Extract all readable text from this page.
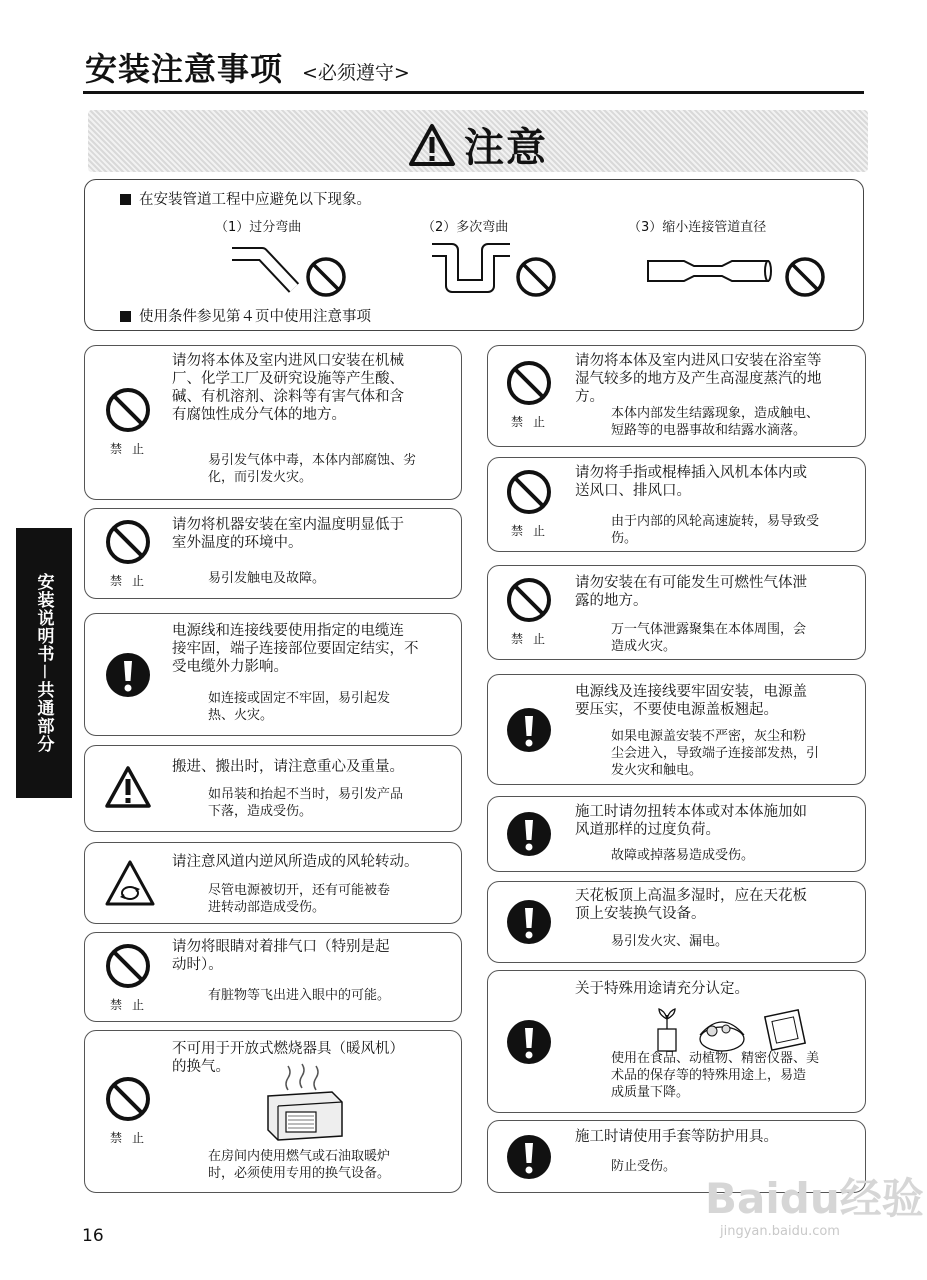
安装注意事项 <必须遵守>
注意
在安装管道工程中应避免以下现象。
（1）过分弯曲	（2）多次弯曲	（3）缩小连接管道直径
使用条件参见第４页中使用注意事项
安装说明书－共通部分
禁止
请勿将本体及室内进风口安装在机械
厂、化学工厂及研究设施等产生酸、
碱、有机溶剂、涂料等有害气体和含
有腐蚀性成分气体的地方。
易引发气体中毒，本体内部腐蚀、劣
化，而引发火灾。
禁止
请勿将机器安装在室内温度明显低于
室外温度的环境中。
易引发触电及故障。
电源线和连接线要使用指定的电缆连
接牢固，端子连接部位要固定结实，不
受电缆外力影响。
如连接或固定不牢固，易引起发
热、火灾。
搬进、搬出时，请注意重心及重量。
如吊装和抬起不当时，易引发产品
下落，造成受伤。
请注意风道内逆风所造成的风轮转动。
尽管电源被切开，还有可能被卷
进转动部造成受伤。
禁止
请勿将眼睛对着排气口（特别是起
动时）。
有脏物等飞出进入眼中的可能。
禁止
不可用于开放式燃烧器具（暖风机）
的换气。
在房间内使用燃气或石油取暖炉
时，必须使用专用的换气设备。
禁止
请勿将本体及室内进风口安装在浴室等
湿气较多的地方及产生高湿度蒸汽的地
方。
本体内部发生结露现象，造成触电、
短路等的电器事故和结露水滴落。
禁止
请勿将手指或棍棒插入风机本体内或
送风口、排风口。
由于内部的风轮高速旋转，易导致受
伤。
禁止
请勿安装在有可能发生可燃性气体泄
露的地方。
万一气体泄露聚集在本体周围，会
造成火灾。
电源线及连接线要牢固安装，电源盖
要压实，不要使电源盖板翘起。
如果电源盖安装不严密，灰尘和粉
尘会进入，导致端子连接部发热，引
发火灾和触电。
施工时请勿扭转本体或对本体施加如
风道那样的过度负荷。
故障或掉落易造成受伤。
天花板顶上高温多湿时，应在天花板
顶上安装换气设备。
易引发火灾、漏电。
关于特殊用途请充分认定。
使用在食品、动植物、精密仪器、美
术品的保存等的特殊用途上，易造
成质量下降。
施工时请使用手套等防护用具。
防止受伤。
16
Baidu经验
jingyan.baidu.com
